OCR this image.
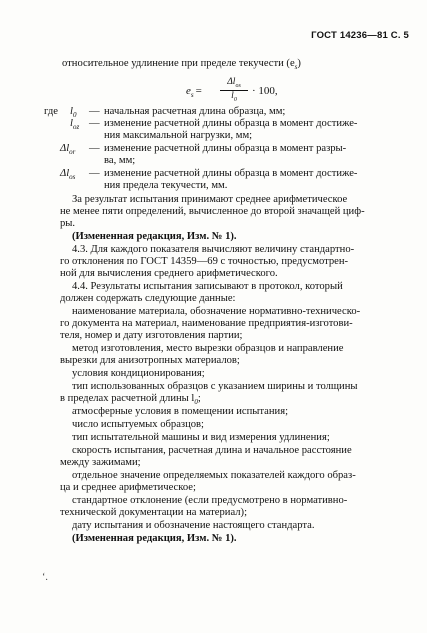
ГОСТ 14236—81 С. 5
относительное удлинение при пределе текучести $(e_s)$
$e_s$ =
$\Delta l_{os}$
$l_0$
· 100,
где $l_0$ — начальная расчетная длина образца, мм;
$l_{oz}$ — изменение расчетной длины образца в момент достиже-
ния максимальной нагрузки, мм;
$\Delta l_{or}$ — изменение расчетной длины образца в момент разры-
ва, мм;
$\Delta l_{os}$ — изменение расчетной длины образца в момент достиже-
ния предела текучести, мм.
За результат испытания принимают среднее арифметическое
не менее пяти определений, вычисленное до второй значащей циф-
ры.
(Измененная редакция, Изм. № 1).
4.3. Для каждого показателя вычисляют величину стандартно-
го отклонения по ГОСТ 14359—69 с точностью, предусмотрен-
ной для вычисления среднего арифметического.
4.4. Результаты испытания записывают в протокол, который
должен содержать следующие данные:
наименование материала, обозначение нормативно-техническо-
го документа на материал, наименование предприятия-изготови-
теля, номер и дату изготовления партии;
метод изготовления, место вырезки образцов и направление
вырезки для анизотропных материалов;
условия кондиционирования;
тип использованных образцов с указанием ширины и толщины
в пределах расчетной длины $l_0$;
атмосферные условия в помещении испытания;
число испытуемых образцов;
тип испытательной машины и вид измерения удлинения;
скорость испытания, расчетная длина и начальное расстояние
между зажимами;
отдельное значение определяемых показателей каждого образ-
ца и среднее арифметическое;
стандартное отклонение (если предусмотрено в нормативно-
технической документации на материал);
дату испытания и обозначение настоящего стандарта.
(Измененная редакция, Изм. № 1).
ʻ.
